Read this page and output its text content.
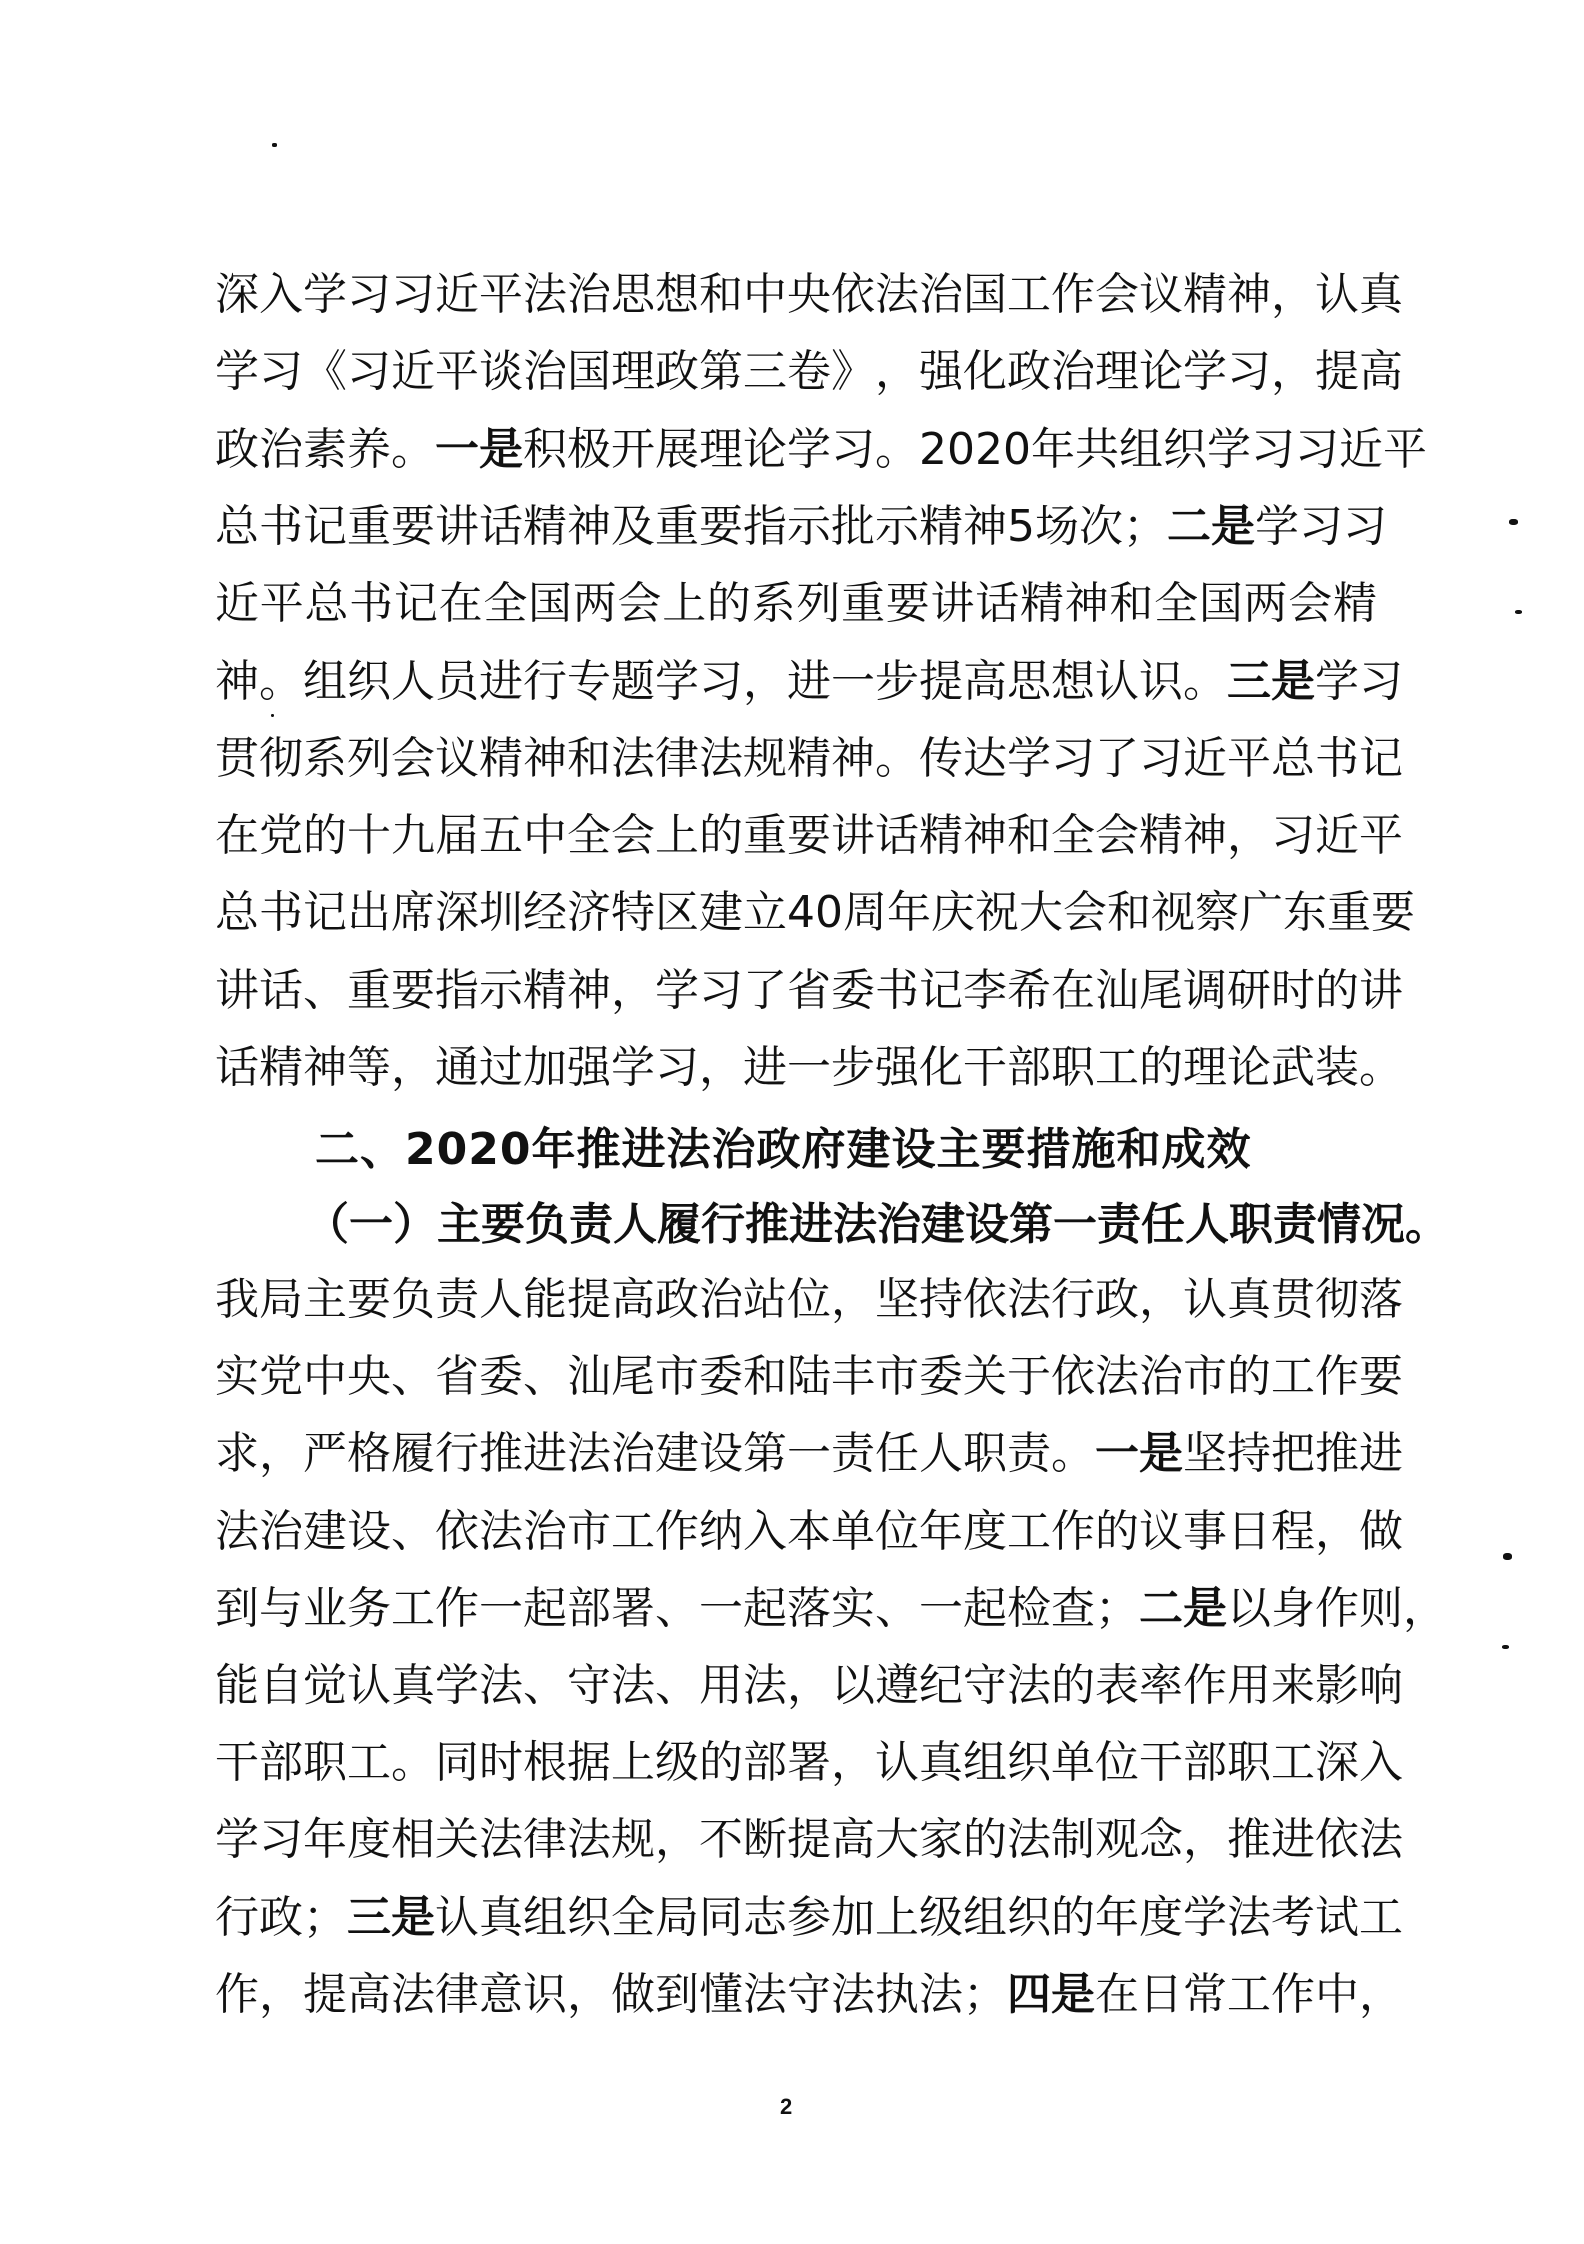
深 入 学 习 习 近 平 法 治 思 想 和 中 央 依 法 治 国 工 作 会 议 精 神 ， 认 真
学 习 《 习 近 平 谈 治 国 理 政 第 三 卷 》 ， 强 化 政 治 理 论 学 习 ， 提 高
政 治 素 养 。 一 是 积 极 开 展 理 论 学 习 。 2020 年 共 组 织 学 习 习 近 平
总 书 记 重 要 讲 话 精 神 及 重 要 指 示 批 示 精 神 5 场 次 ； 二 是 学 习 习
近 平 总 书 记 在 全 国 两 会 上 的 系 列 重 要 讲 话 精 神 和 全 国 两 会 精
神 。 组 织 人 员 进 行 专 题 学 习 ， 进 一 步 提 高 思 想 认 识 。 三 是 学 习
贯 彻 系 列 会 议 精 神 和 法 律 法 规 精 神 。 传 达 学 习 了 习 近 平 总 书 记
在 党 的 十 九 届 五 中 全 会 上 的 重 要 讲 话 精 神 和 全 会 精 神 ， 习 近 平
总 书 记 出 席 深 圳 经 济 特 区 建 立 40 周 年 庆 祝 大 会 和 视 察 广 东 重 要
讲 话 、 重 要 指 示 精 神 ， 学 习 了 省 委 书 记 李 希 在 汕 尾 调 研 时 的 讲
话 精 神 等 ， 通 过 加 强 学 习 ， 进 一 步 强 化 干 部 职 工 的 理 论 武 装 。
二、2020年推进法治政府建设主要措施和成效
（ 一 ） 主 要 负 责 人 履 行 推 进 法 治 建 设 第 一 责 任 人 职 责 情 况 。
我 局 主 要 负 责 人 能 提 高 政 治 站 位 ， 坚 持 依 法 行 政 ， 认 真 贯 彻 落
实 党 中 央 、 省 委 、 汕 尾 市 委 和 陆 丰 市 委 关 于 依 法 治 市 的 工 作 要
求 ， 严 格 履 行 推 进 法 治 建 设 第 一 责 任 人 职 责 。 一 是 坚 持 把 推 进
法 治 建 设 、 依 法 治 市 工 作 纳 入 本 单 位 年 度 工 作 的 议 事 日 程 ， 做
到 与 业 务 工 作 一 起 部 署 、 一 起 落 实 、 一 起 检 查 ； 二 是 以 身 作 则 ，
能 自 觉 认 真 学 法 、 守 法 、 用 法 ， 以 遵 纪 守 法 的 表 率 作 用 来 影 响
干 部 职 工 。 同 时 根 据 上 级 的 部 署 ， 认 真 组 织 单 位 干 部 职 工 深 入
学 习 年 度 相 关 法 律 法 规 ， 不 断 提 高 大 家 的 法 制 观 念 ， 推 进 依 法
行 政 ； 三 是 认 真 组 织 全 局 同 志 参 加 上 级 组 织 的 年 度 学 法 考 试 工
作 ， 提 高 法 律 意 识 ， 做 到 懂 法 守 法 执 法 ； 四 是 在 日 常 工 作 中 ，
2
